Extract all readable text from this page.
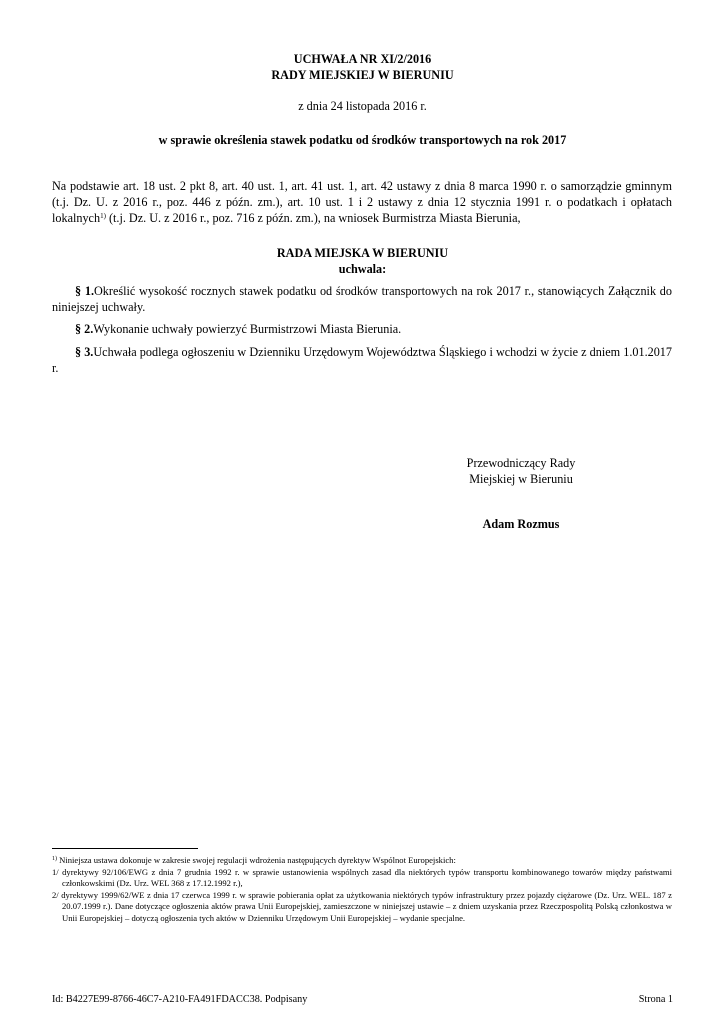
UCHWAŁA NR XI/2/2016
RADY MIEJSKIEJ W BIERUNIU
z dnia 24 listopada 2016 r.
w sprawie określenia stawek podatku od środków transportowych na rok 2017
Na podstawie art. 18 ust. 2 pkt 8, art. 40 ust. 1, art. 41 ust. 1, art. 42 ustawy z dnia 8 marca 1990 r. o samorządzie gminnym (t.j. Dz. U. z 2016 r., poz. 446 z późn. zm.), art. 10 ust. 1 i 2 ustawy z dnia 12 stycznia 1991 r. o podatkach i opłatach lokalnych$^{1)}$ (t.j. Dz. U. z 2016 r., poz. 716 z późn. zm.), na wniosek Burmistrza Miasta Bierunia,
RADA MIEJSKA W BIERUNIU
uchwala:
§ 1.Określić wysokość rocznych stawek podatku od środków transportowych na rok 2017 r., stanowiących Załącznik do niniejszej uchwały.
§ 2.Wykonanie uchwały powierzyć Burmistrzowi Miasta Bierunia.
§ 3.Uchwała podlega ogłoszeniu w Dzienniku Urzędowym Województwa Śląskiego i wchodzi w życie z dniem 1.01.2017 r.
Przewodniczący Rady
Miejskiej w Bieruniu
Adam Rozmus
$^{1)}$ Niniejsza ustawa dokonuje w zakresie swojej regulacji wdrożenia następujących dyrektyw Wspólnot Europejskich:
1/ dyrektywy 92/106/EWG z dnia 7 grudnia 1992 r. w sprawie ustanowienia wspólnych zasad dla niektórych typów transportu kombinowanego towarów między państwami członkowskimi (Dz. Urz. WEL 368 z 17.12.1992 r.),
2/ dyrektywy 1999/62/WE z dnia 17 czerwca 1999 r. w sprawie pobierania opłat za użytkowania niektórych typów infrastruktury przez pojazdy ciężarowe (Dz. Urz. WEL. 187 z 20.07.1999 r.). Dane dotyczące ogłoszenia aktów prawa Unii Europejskiej, zamieszczone w niniejszej ustawie – z dniem uzyskania przez Rzeczpospolitą Polską członkostwa w Unii Europejskiej – dotyczą ogłoszenia tych aktów w Dzienniku Urzędowym Unii Europejskiej – wydanie specjalne.
Id: B4227E99-8766-46C7-A210-FA491FDACC38. Podpisany	Strona 1
